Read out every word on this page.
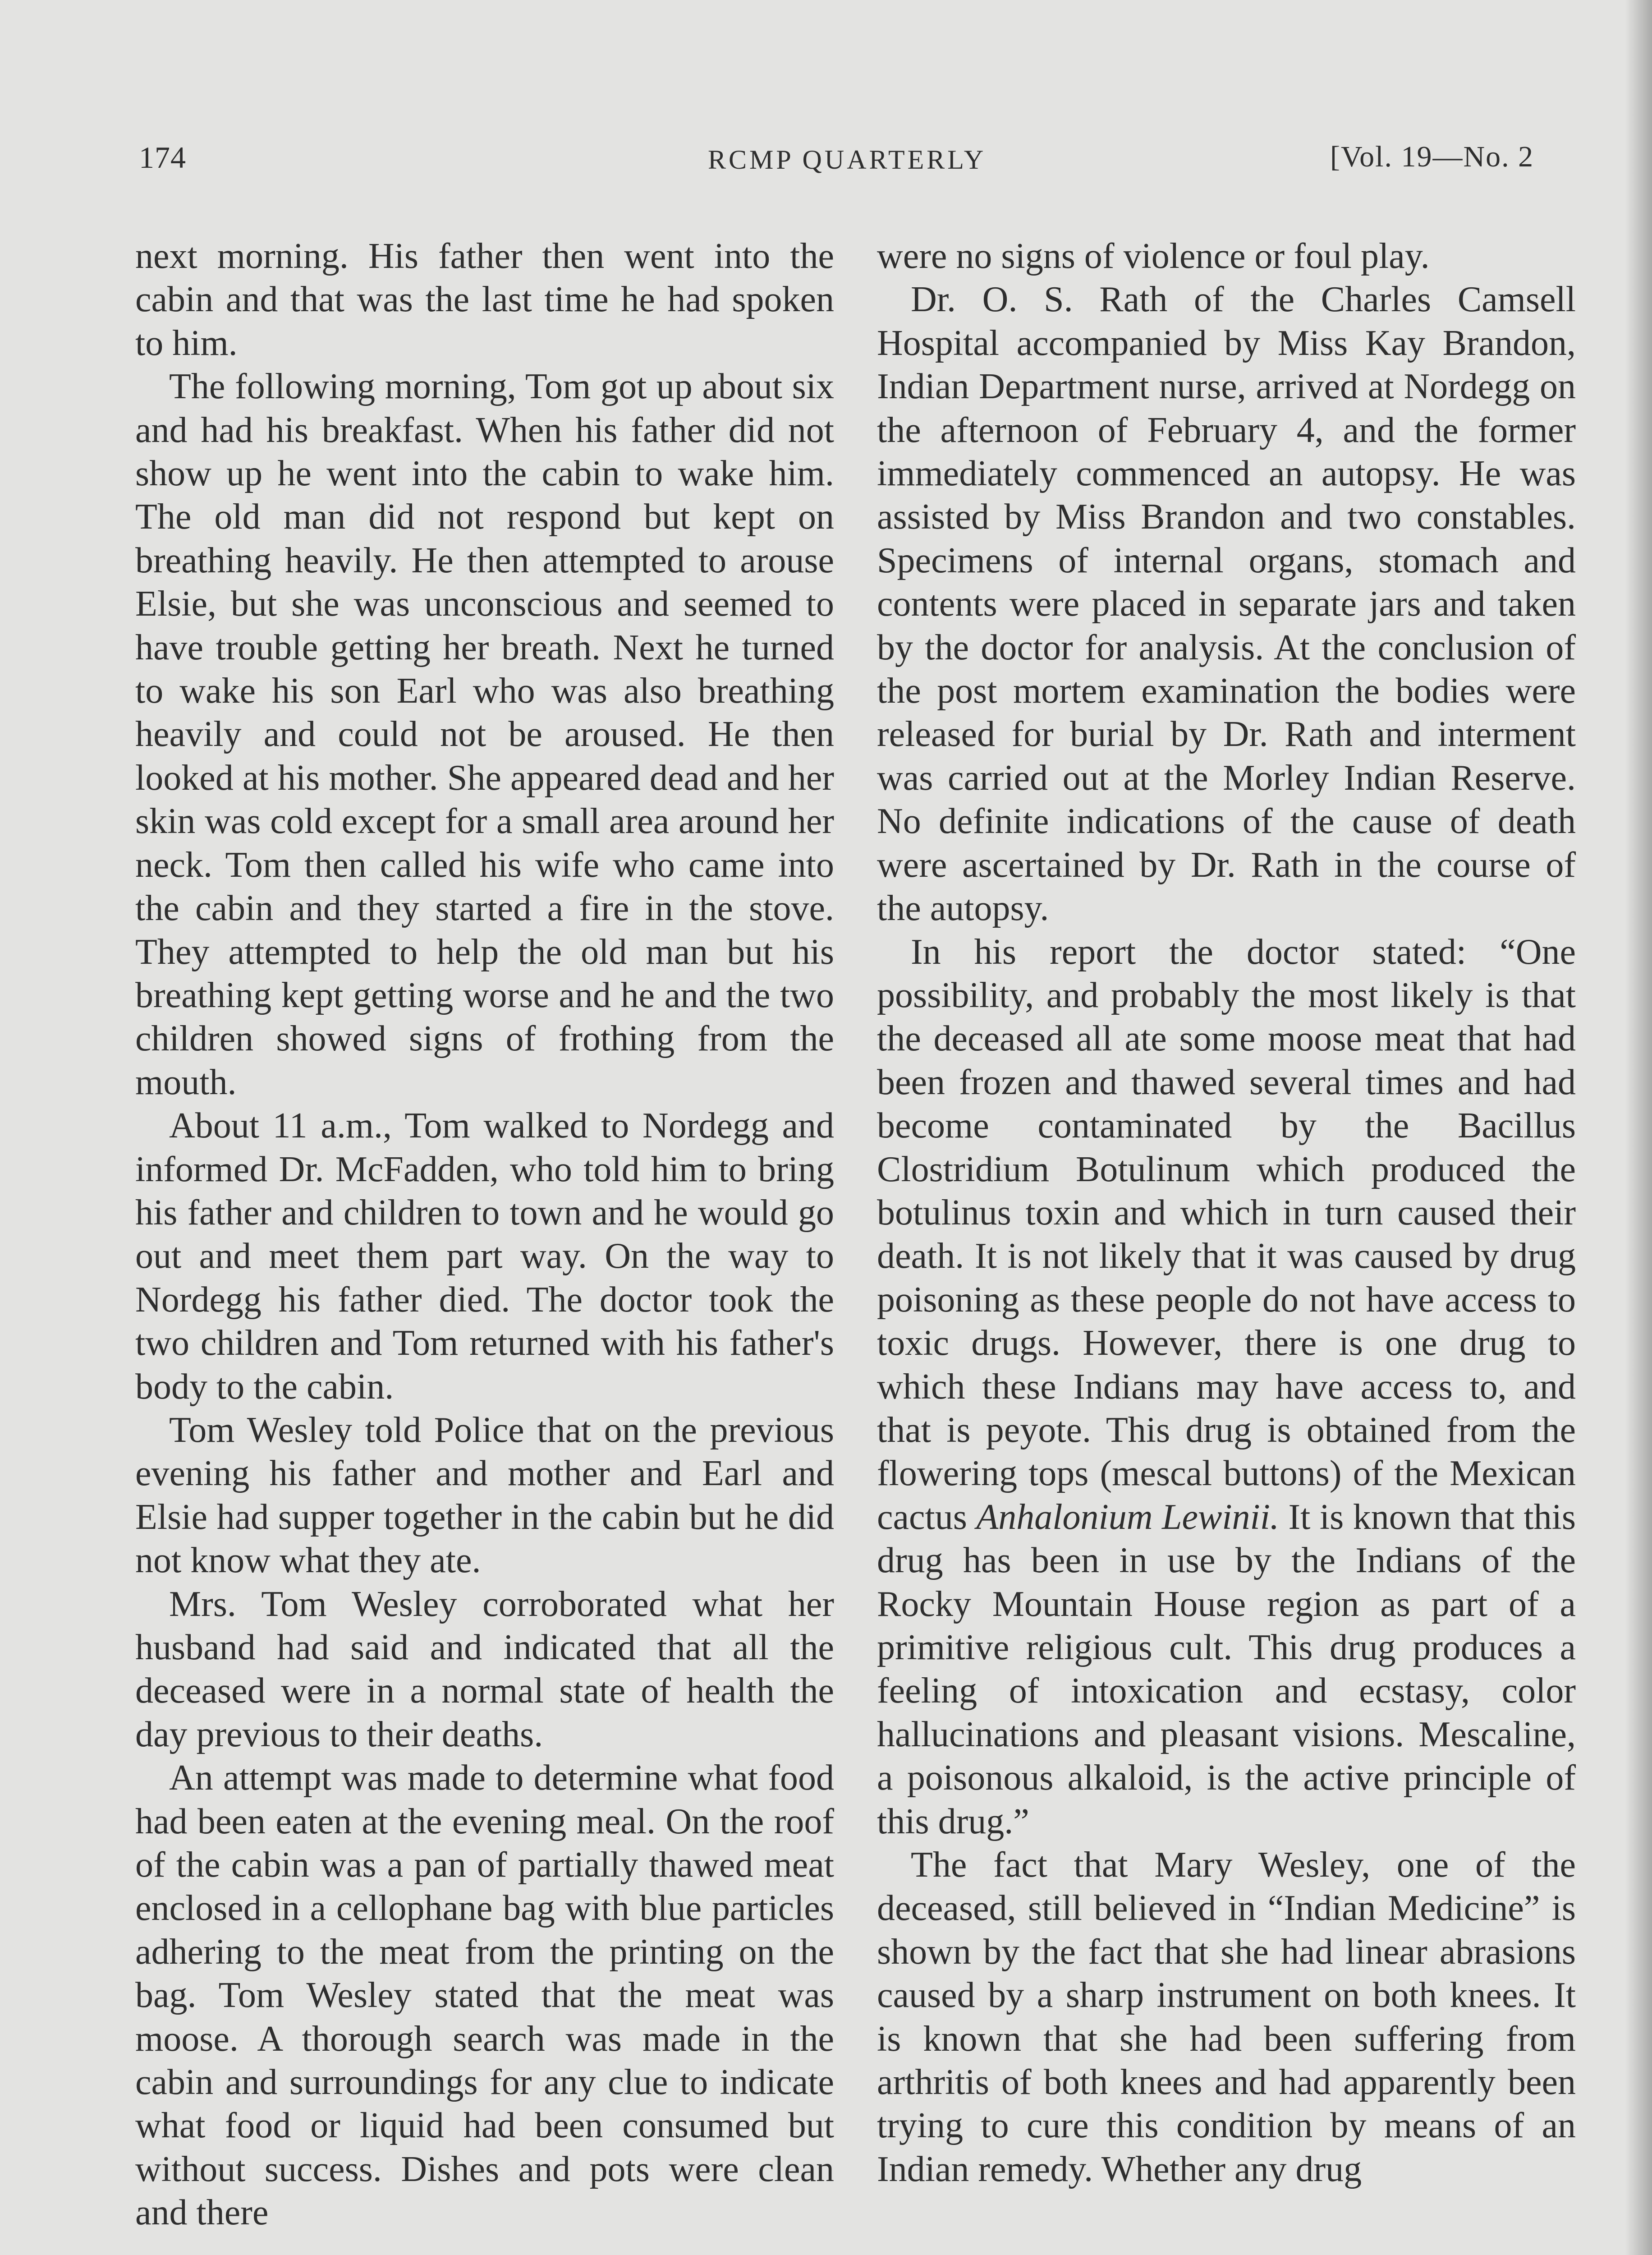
174	RCMP QUARTERLY	[Vol. 19—No. 2

next morning. His father then went into the cabin and that was the last time he had spoken to him.

The following morning, Tom got up about six and had his breakfast. When his father did not show up he went into the cabin to wake him. The old man did not respond but kept on breathing heavily. He then attempted to arouse Elsie, but she was unconscious and seemed to have trouble getting her breath. Next he turned to wake his son Earl who was also breathing heavily and could not be aroused. He then looked at his mother. She appeared dead and her skin was cold except for a small area around her neck. Tom then called his wife who came into the cabin and they started a fire in the stove. They attempted to help the old man but his breathing kept getting worse and he and the two children showed signs of frothing from the mouth.

About 11 a.m., Tom walked to Nordegg and informed Dr. McFadden, who told him to bring his father and children to town and he would go out and meet them part way. On the way to Nordegg his father died. The doctor took the two children and Tom returned with his father's body to the cabin.

Tom Wesley told Police that on the previous evening his father and mother and Earl and Elsie had supper together in the cabin but he did not know what they ate.

Mrs. Tom Wesley corroborated what her husband had said and indicated that all the deceased were in a normal state of health the day previous to their deaths.

An attempt was made to determine what food had been eaten at the evening meal. On the roof of the cabin was a pan of partially thawed meat enclosed in a cellophane bag with blue particles adhering to the meat from the printing on the bag. Tom Wesley stated that the meat was moose. A thorough search was made in the cabin and surroundings for any clue to indicate what food or liquid had been consumed but without success. Dishes and pots were clean and there

were no signs of violence or foul play.

Dr. O. S. Rath of the Charles Camsell Hospital accompanied by Miss Kay Brandon, Indian Department nurse, arrived at Nordegg on the afternoon of February 4, and the former immediately commenced an autopsy. He was assisted by Miss Brandon and two constables. Specimens of internal organs, stomach and contents were placed in separate jars and taken by the doctor for analysis. At the conclusion of the post mortem examination the bodies were released for burial by Dr. Rath and interment was carried out at the Morley Indian Reserve. No definite indications of the cause of death were ascertained by Dr. Rath in the course of the autopsy.

In his report the doctor stated: “One possibility, and probably the most likely is that the deceased all ate some moose meat that had been frozen and thawed several times and had become contaminated by the Bacillus Clostridium Botulinum which produced the botulinus toxin and which in turn caused their death. It is not likely that it was caused by drug poisoning as these people do not have access to toxic drugs. However, there is one drug to which these Indians may have access to, and that is peyote. This drug is obtained from the flowering tops (mescal buttons) of the Mexican cactus Anhalonium Lewinii. It is known that this drug has been in use by the Indians of the Rocky Mountain House region as part of a primitive religious cult. This drug produces a feeling of intoxication and ecstasy, color hallucinations and pleasant visions. Mescaline, a poisonous alkaloid, is the active principle of this drug.”

The fact that Mary Wesley, one of the deceased, still believed in “Indian Medicine” is shown by the fact that she had linear abrasions caused by a sharp instrument on both knees. It is known that she had been suffering from arthritis of both knees and had apparently been trying to cure this condition by means of an Indian remedy. Whether any drug
